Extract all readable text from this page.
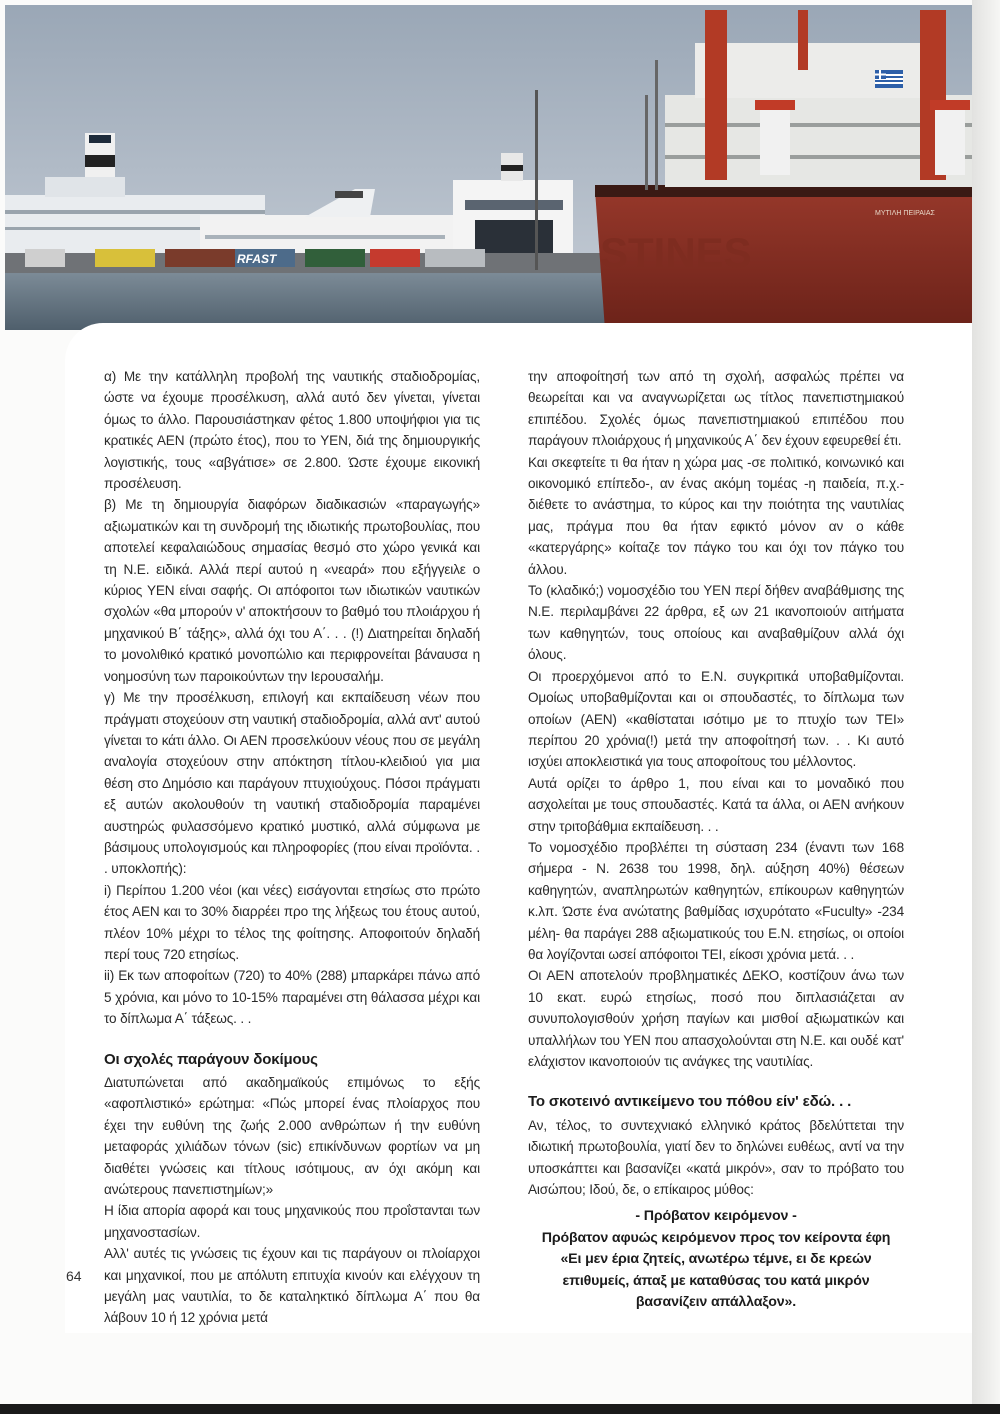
RFAST	STINES
ΜΥΤΙΛΗ ΠΕΙΡΑΙΑΣ

α) Με την κατάλληλη προβολή της ναυτικής σταδιοδρομίας, ώστε να έχουμε προσέλκυση, αλλά αυτό δεν γίνεται, γίνεται όμως το άλλο. Παρουσιάστηκαν φέτος 1.800 υποψήφιοι για τις κρατικές ΑΕΝ (πρώτο έτος), που το ΥΕΝ, διά της δημιουργικής λογιστικής, τους «αβγάτισε» σε 2.800. Ώστε έχουμε εικονική προσέλευση.

β) Με τη δημιουργία διαφόρων διαδικασιών «παραγωγής» αξιωματικών και τη συνδρομή της ιδιωτικής πρωτοβουλίας, που αποτελεί κεφαλαιώδους σημασίας θεσμό στο χώρο γενικά και τη Ν.Ε. ειδικά. Αλλά περί αυτού η «νεαρά» που εξήγγειλε ο κύριος ΥΕΝ είναι σαφής. Οι απόφοιτοι των ιδιωτικών ναυτικών σχολών «θα μπορούν ν' αποκτήσουν το βαθμό του πλοιάρχου ή μηχανικού Β΄ τάξης», αλλά όχι του Α΄. . . (!) Διατηρείται δηλαδή το μονολιθικό κρατικό μονοπώλιο και περιφρονείται βάναυσα η νοημοσύνη των παροικούντων την Ιερουσαλήμ.

γ) Με την προσέλκυση, επιλογή και εκπαίδευση νέων που πράγματι στοχεύουν στη ναυτική σταδιοδρομία, αλλά αντ' αυτού γίνεται το κάτι άλλο. Οι ΑΕΝ προσελκύουν νέους που σε μεγάλη αναλογία στοχεύουν στην απόκτηση τίτλου-κλειδιού για μια θέση στο Δημόσιο και παράγουν πτυχιούχους. Πόσοι πράγματι εξ αυτών ακολουθούν τη ναυτική σταδιοδρομία παραμένει αυστηρώς φυλασσόμενο κρατικό μυστικό, αλλά σύμφωνα με βάσιμους υπολογισμούς και πληροφορίες (που είναι προϊόντα. . . υποκλοπής):

i) Περίπου 1.200 νέοι (και νέες) εισάγονται ετησίως στο πρώτο έτος ΑΕΝ και το 30% διαρρέει προ της λήξεως του έτους αυτού, πλέον 10% μέχρι το τέλος της φοίτησης. Αποφοιτούν δηλαδή περί τους 720 ετησίως.

ii) Εκ των αποφοίτων (720) το 40% (288) μπαρκάρει πάνω από 5 χρόνια, και μόνο το 10-15% παραμένει στη θάλασσα μέχρι και το δίπλωμα Α΄ τάξεως. . .

Οι σχολές παράγουν δοκίμους

Διατυπώνεται από ακαδημαϊκούς επιμόνως το εξής «αφοπλιστικό» ερώτημα: «Πώς μπορεί ένας πλοίαρχος που έχει την ευθύνη της ζωής 2.000 ανθρώπων ή την ευθύνη μεταφοράς χιλιάδων τόνων (sic) επικίνδυνων φορτίων να μη διαθέτει γνώσεις και τίτλους ισότιμους, αν όχι ακόμη και ανώτερους πανεπιστημίων;»

Η ίδια απορία αφορά και τους μηχανικούς που προΐστανται των μηχανοστασίων.

Αλλ' αυτές τις γνώσεις τις έχουν και τις παράγουν οι πλοίαρχοι και μηχανικοί, που με απόλυτη επιτυχία κινούν και ελέγχουν τη μεγάλη μας ναυτιλία, το δε καταληκτικό δίπλωμα Α΄ που θα λάβουν 10 ή 12 χρόνια μετά

την αποφοίτησή των από τη σχολή, ασφαλώς πρέπει να θεωρείται και να αναγνωρίζεται ως τίτλος πανεπιστημιακού επιπέδου. Σχολές όμως πανεπιστημιακού επιπέδου που παράγουν πλοιάρχους ή μηχανικούς Α΄ δεν έχουν εφευρεθεί έτι.

Και σκεφτείτε τι θα ήταν η χώρα μας -σε πολιτικό, κοινωνικό και οικονομικό επίπεδο-, αν ένας ακόμη τομέας -η παιδεία, π.χ.- διέθετε το ανάστημα, το κύρος και την ποιότητα της ναυτιλίας μας, πράγμα που θα ήταν εφικτό μόνον αν ο κάθε «κατεργάρης» κοίταζε τον πάγκο του και όχι τον πάγκο του άλλου.

Το (κλαδικό;) νομοσχέδιο του ΥΕΝ περί δήθεν αναβάθμισης της Ν.Ε. περιλαμβάνει 22 άρθρα, εξ ων 21 ικανοποιούν αιτήματα των καθηγητών, τους οποίους και αναβαθμίζουν αλλά όχι όλους.

Οι προερχόμενοι από το Ε.Ν. συγκριτικά υποβαθμίζονται. Ομοίως υποβαθμίζονται και οι σπουδαστές, το δίπλωμα των οποίων (ΑΕΝ) «καθίσταται ισότιμο με το πτυχίο των ΤΕΙ» περίπου 20 χρόνια(!) μετά την αποφοίτησή των. . . Κι αυτό ισχύει αποκλειστικά για τους αποφοίτους του μέλλοντος.

Αυτά ορίζει το άρθρο 1, που είναι και το μοναδικό που ασχολείται με τους σπουδαστές. Κατά τα άλλα, οι ΑΕΝ ανήκουν στην τριτοβάθμια εκπαίδευση. . .

Το νομοσχέδιο προβλέπει τη σύσταση 234 (έναντι των 168 σήμερα - Ν. 2638 του 1998, δηλ. αύξηση 40%) θέσεων καθηγητών, αναπληρωτών καθηγητών, επίκουρων καθηγητών κ.λπ. Ώστε ένα ανώτατης βαθμίδας ισχυρότατο «Fuculty» -234 μέλη- θα παράγει 288 αξιωματικούς του Ε.Ν. ετησίως, οι οποίοι θα λογίζονται ωσεί απόφοιτοι ΤΕΙ, είκοσι χρόνια μετά. . .

Οι ΑΕΝ αποτελούν προβληματικές ΔΕΚΟ, κοστίζουν άνω των 10 εκατ. ευρώ ετησίως, ποσό που διπλασιάζεται αν συνυπολογισθούν χρήση παγίων και μισθοί αξιωματικών και υπαλλήλων του ΥΕΝ που απασχολούνται στη Ν.Ε. και ουδέ κατ' ελάχιστον ικανοποιούν τις ανάγκες της ναυτιλίας.

Το σκοτεινό αντικείμενο του πόθου είν' εδώ. . .

Αν, τέλος, το συντεχνιακό ελληνικό κράτος βδελύττεται την ιδιωτική πρωτοβουλία, γιατί δεν το δηλώνει ευθέως, αντί να την υποσκάπτει και βασανίζει «κατά μικρόν», σαν το πρόβατο του Αισώπου; Ιδού, δε, ο επίκαιρος μύθος:

- Πρόβατον κειρόμενον -

Πρόβατον αφυώς κειρόμενον προς τον κείροντα έφη

«Ει μεν έρια ζητείς, ανωτέρω τέμνε, ει δε κρεών επιθυμείς, άπαξ με καταθύσας του κατά μικρόν βασανίζειν απάλλαξον».

64
